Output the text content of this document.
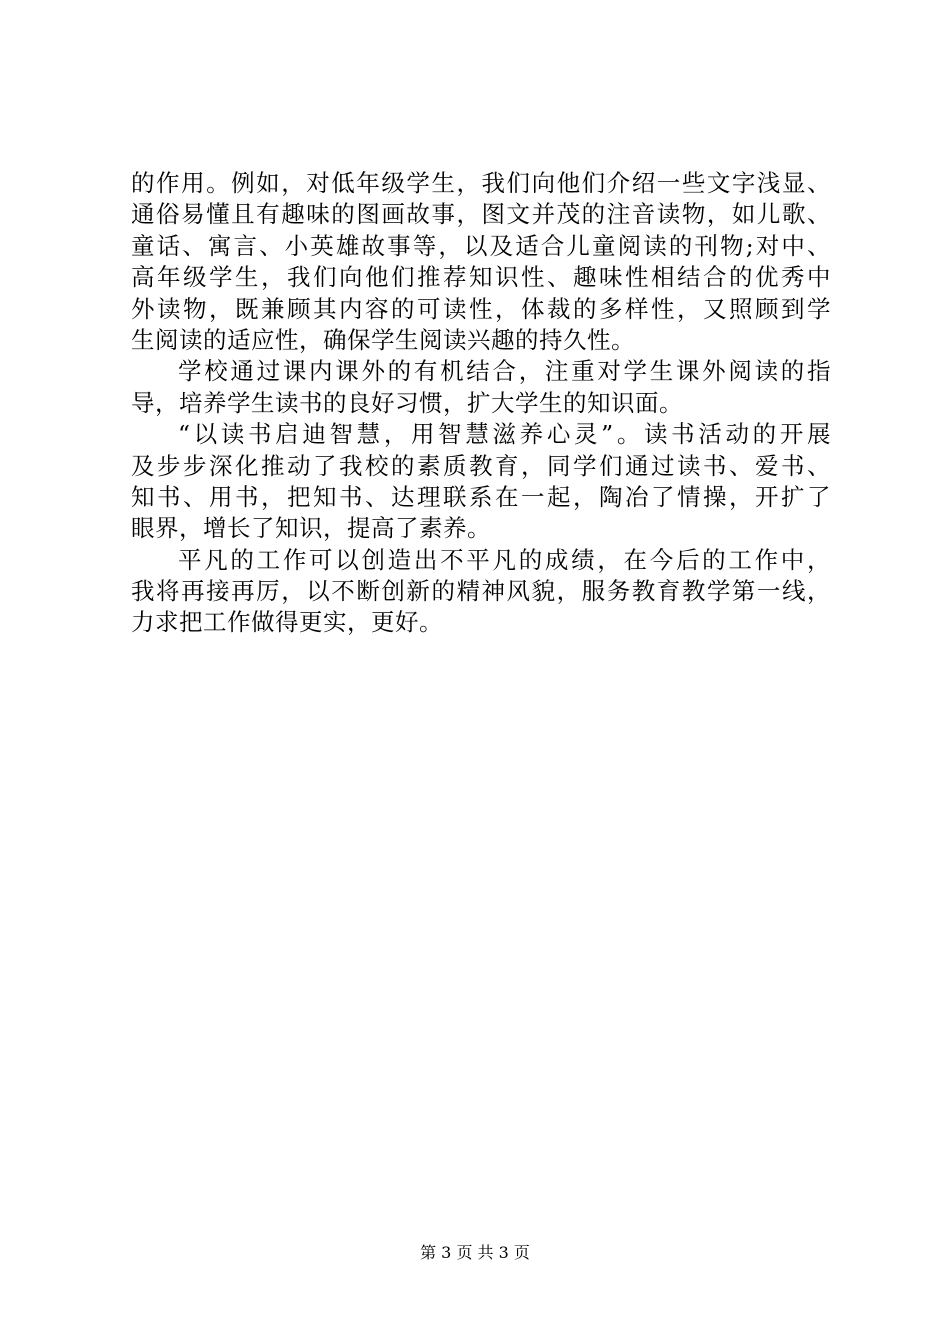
的作用。例如，对低年级学生，我们向他们介绍一些文字浅显、
通俗易懂且有趣味的图画故事，图文并茂的注音读物，如儿歌、
童话、寓言、小英雄故事等，以及适合儿童阅读的刊物;对中、
高年级学生，我们向他们推荐知识性、趣味性相结合的优秀中
外读物，既兼顾其内容的可读性，体裁的多样性，又照顾到学
生阅读的适应性，确保学生阅读兴趣的持久性。
学校通过课内课外的有机结合，注重对学生课外阅读的指
导，培养学生读书的良好习惯，扩大学生的知识面。
“以读书启迪智慧，用智慧滋养心灵”。读书活动的开展
及步步深化推动了我校的素质教育，同学们通过读书、爱书、
知书、用书，把知书、达理联系在一起，陶冶了情操，开扩了
眼界，增长了知识，提高了素养。
平凡的工作可以创造出不平凡的成绩，在今后的工作中，
我将再接再厉，以不断创新的精神风貌，服务教育教学第一线，
力求把工作做得更实，更好。
第 3 页 共 3 页
